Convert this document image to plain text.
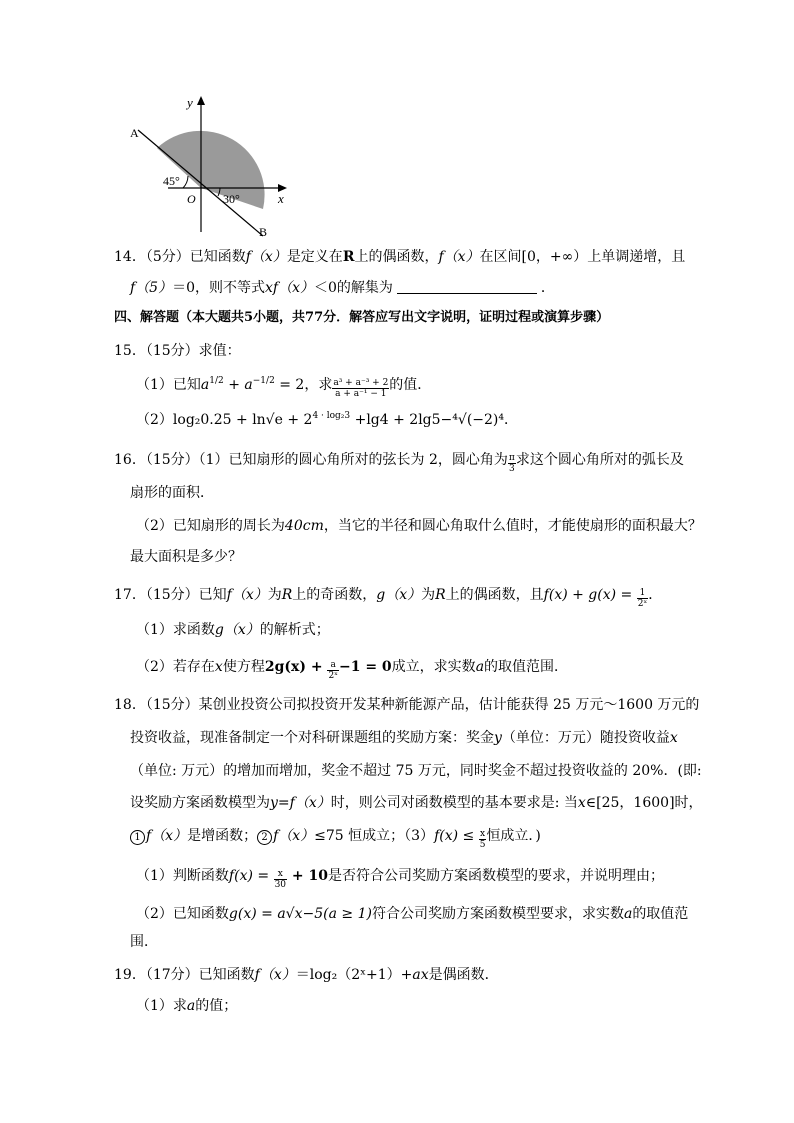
y
x
A
B
O
45°
30°
14．（5分）已知函数f（x）是定义在R上的偶函数，f（x）在区间[0，+∞）上单调递增，且
f（5）＝0，则不等式xf（x）＜0的解集为	．
四、解答题（本大题共5小题，共77分．解答应写出文字说明，证明过程或演算步骤）
15．（15分）求值：
（1）已知$a^{1/2} + a^{-1/2} = 2$，求 $\frac{\text{a³ + a⁻³ + 2}}{\text{a + a⁻¹ − 1}}$ 的值．
$(2)\log_20.25 + \ln√e + 2^{4 \cdot log_23} +\lg 4 + 2\lg 5-^4√(-2)^4$．
16．（15分）（1）已知扇形的圆心角所对的弦长为 2，圆心角为 $\frac{\pi}{3}$ 求这个圆心角所对的弧长及
扇形的面积．
（2）已知扇形的周长为40cm，当它的半径和圆心角取什么值时，才能使扇形的面积最大？
最大面积是多少？
17．（15分）已知f（x）为R上的奇函数，g（x）为R上的偶函数，且$f(x) + g(x) = \frac{1}{\text{2ˣ}}$ ．
（1）求函数g（x）的解析式；
（2）若存在x使方程$2g(x) + \frac{a}{\text{2ˣ}} -1 = 0$成立，求实数a的取值范围．
18．（15分）某创业投资公司拟投资开发某种新能源产品，估计能获得 25 万元～1600 万元的
投资收益，现准备制定一个对科研课题组的奖励方案：奖金y（单位：万元）随投资收益x
（单位: 万元）的增加而增加，奖金不超过 75 万元，同时奖金不超过投资收益的 20%．(即:
设奖励方案函数模型为y=f（x）时，则公司对函数模型的基本要求是: 当x∈[25，1600]时，
1 f（x）是增函数； 2 f（x）≤75 恒成立；$(3)f(x) \le \frac{x}{5}$ 恒成立．)
（1）判断函数$f(x) = \frac{x}{30} + 10$是否符合公司奖励方案函数模型的要求，并说明理由；
（2）已知函数g(x) = a√x−5(a ≥ 1)符合公司奖励方案函数模型要求，求实数a的取值范
围．
19．（17分）已知函数f（x）＝log₂（2ˣ+1）+ax是偶函数．
（1）求a的值；
